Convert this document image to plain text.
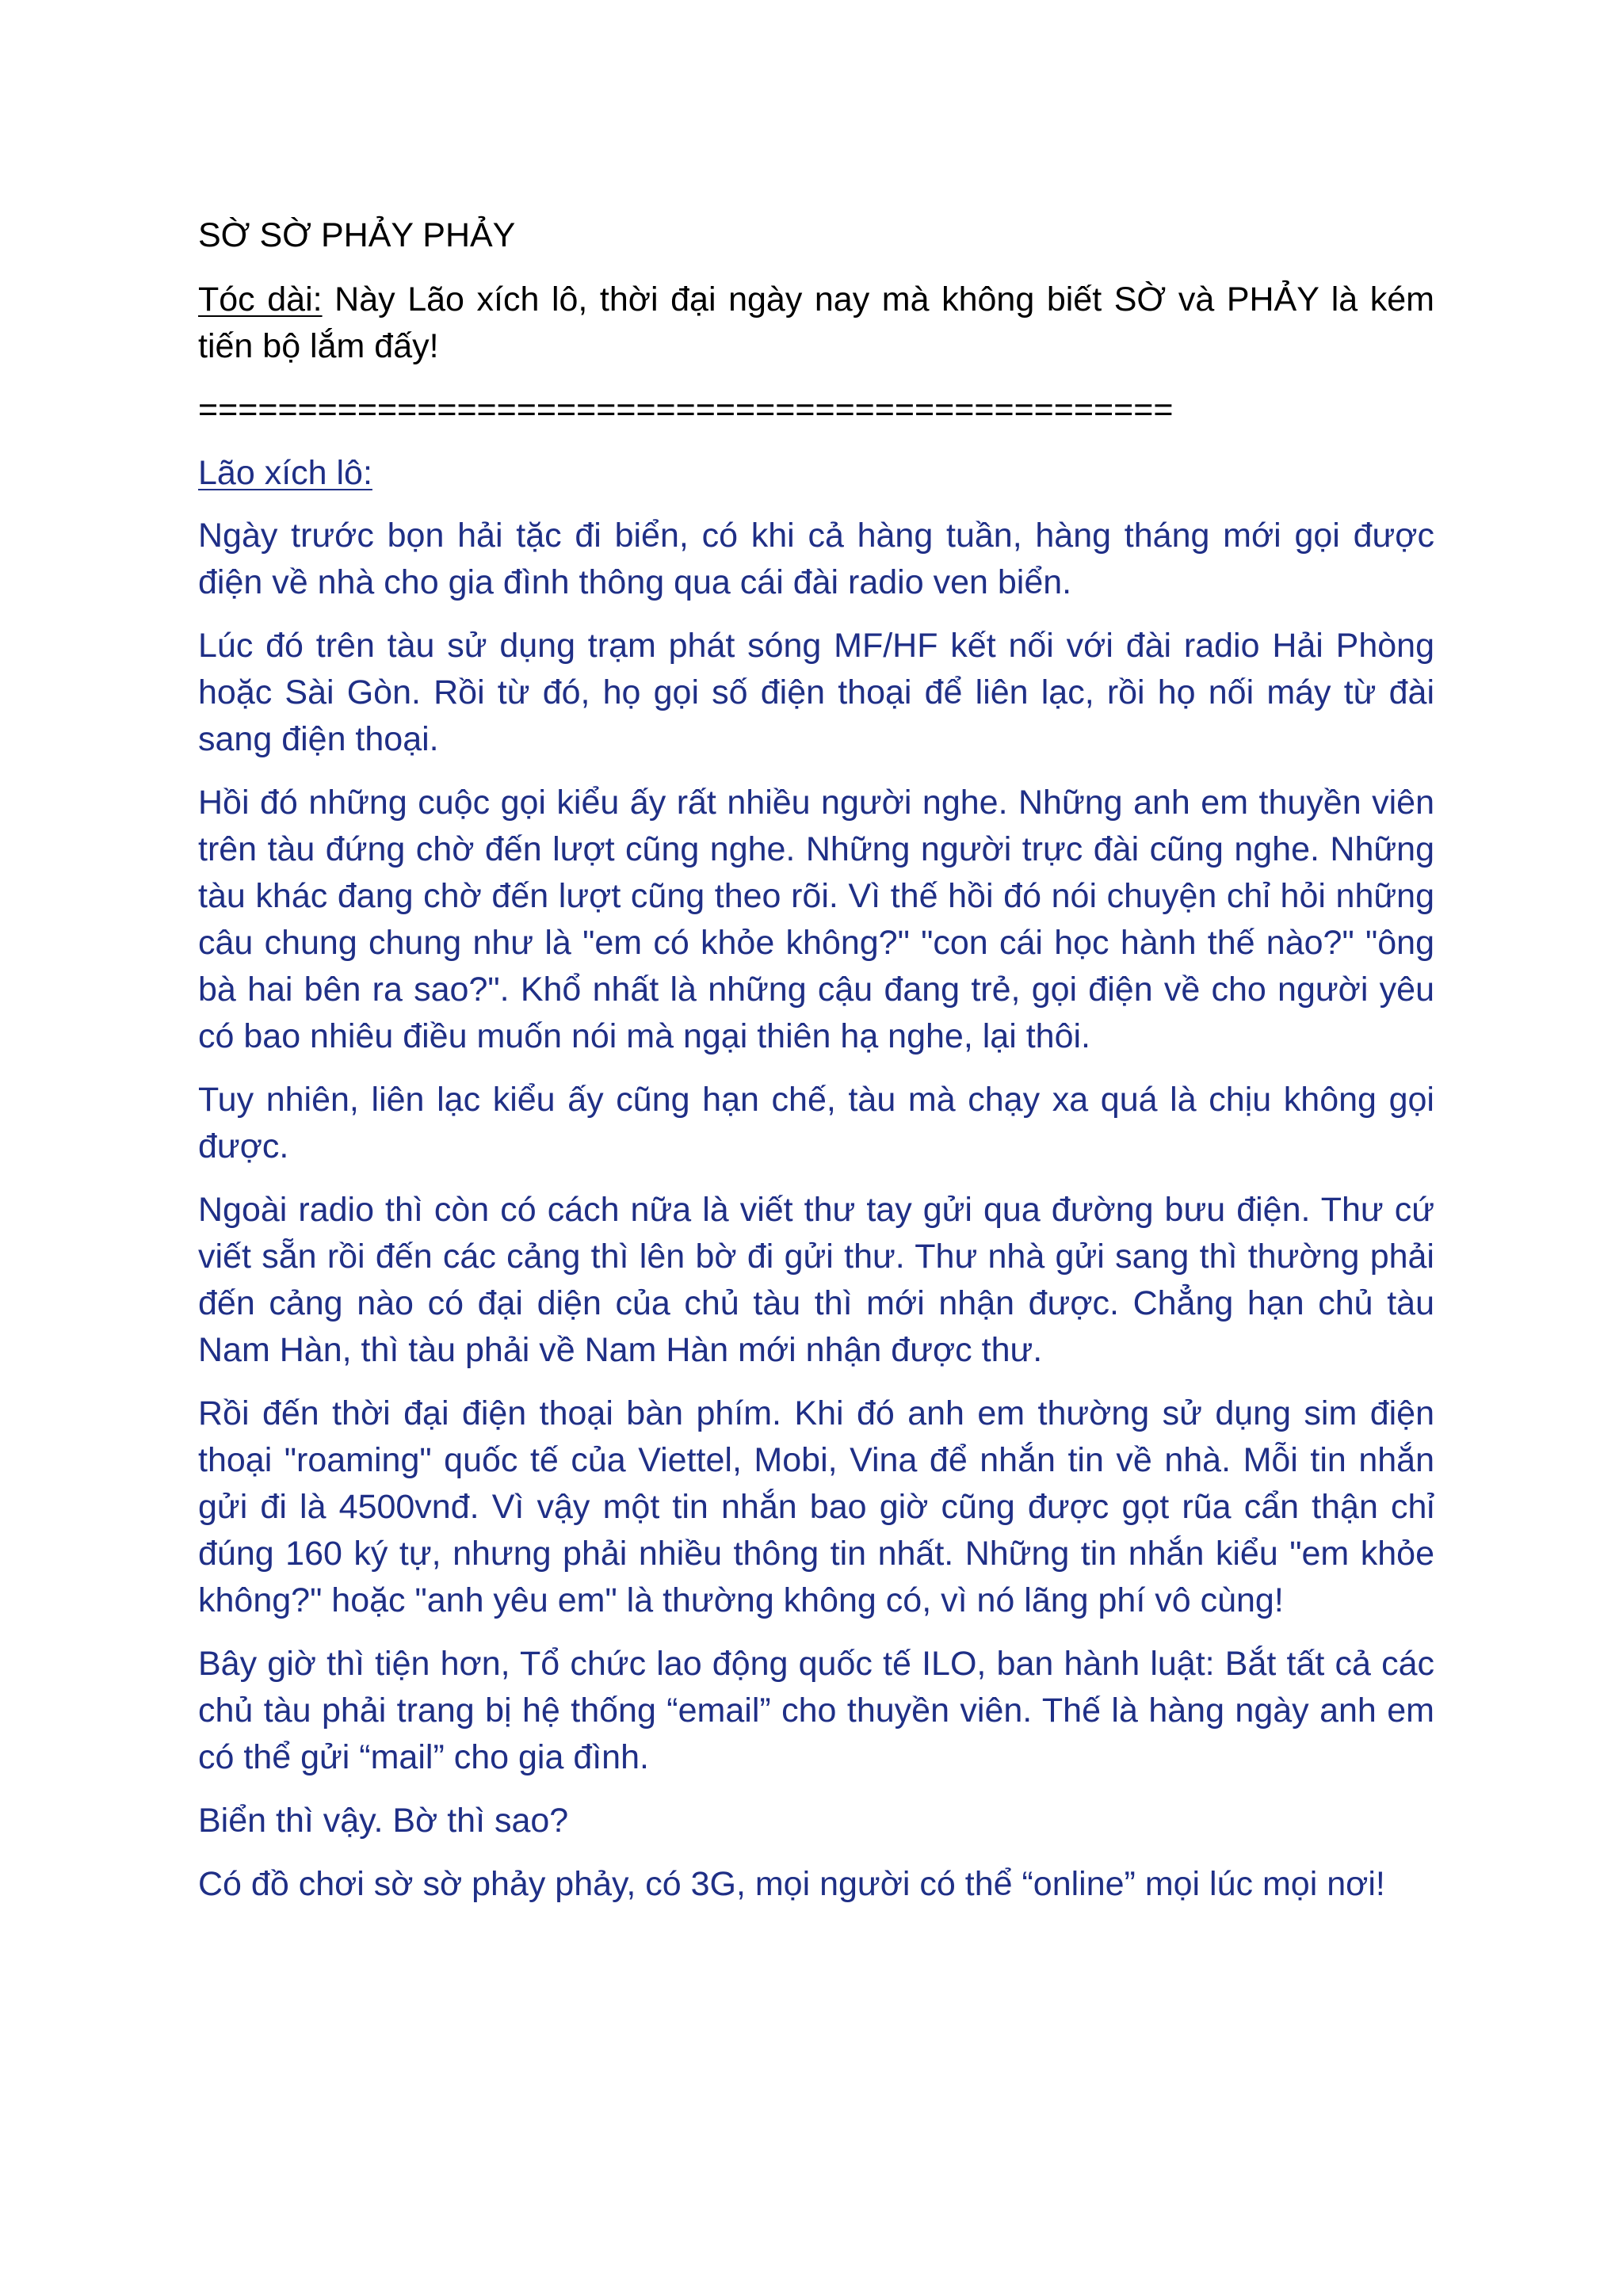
SỜ SỜ PHẢY PHẢY

Tóc dài: Này Lão xích lô, thời đại ngày nay mà không biết SỜ và PHẢY là kém tiến bộ lắm đấy!

=================================================

Lão xích lô:

Ngày trước bọn hải tặc đi biển, có khi cả hàng tuần, hàng tháng mới gọi được điện về nhà cho gia đình thông qua cái đài radio ven biển.

Lúc đó trên tàu sử dụng trạm phát sóng MF/HF kết nối với đài radio Hải Phòng hoặc Sài Gòn. Rồi từ đó, họ gọi số điện thoại để liên lạc, rồi họ nối máy từ đài sang điện thoại.

Hồi đó những cuộc gọi kiểu ấy rất nhiều người nghe. Những anh em thuyền viên trên tàu đứng chờ đến lượt cũng nghe. Những người trực đài cũng nghe. Những tàu khác đang chờ đến lượt cũng theo rõi. Vì thế hồi đó nói chuyện chỉ hỏi những câu chung chung như là "em có khỏe không?" "con cái học hành thế nào?" "ông bà hai bên ra sao?". Khổ nhất là những cậu đang trẻ, gọi điện về cho người yêu có bao nhiêu điều muốn nói mà ngại thiên hạ nghe, lại thôi.

Tuy nhiên, liên lạc kiểu ấy cũng hạn chế, tàu mà chạy xa quá là chịu không gọi được.

Ngoài radio thì còn có cách nữa là viết thư tay gửi qua đường bưu điện. Thư cứ viết sẵn rồi đến các cảng thì lên bờ đi gửi thư. Thư nhà gửi sang thì thường phải đến cảng nào có đại diện của chủ tàu thì mới nhận được. Chẳng hạn chủ tàu Nam Hàn, thì tàu phải về Nam Hàn mới nhận được thư.

Rồi đến thời đại điện thoại bàn phím. Khi đó anh em thường sử dụng sim điện thoại "roaming" quốc tế của Viettel, Mobi, Vina để nhắn tin về nhà. Mỗi tin nhắn gửi đi là 4500vnđ. Vì vậy một tin nhắn bao giờ cũng được gọt rũa cẩn thận chỉ đúng 160 ký tự, nhưng phải nhiều thông tin nhất. Những tin nhắn kiểu "em khỏe không?" hoặc "anh yêu em" là thường không có, vì nó lãng phí vô cùng!

Bây giờ thì tiện hơn, Tổ chức lao động quốc tế ILO, ban hành luật: Bắt tất cả các chủ tàu phải trang bị hệ thống “email” cho thuyền viên. Thế là hàng ngày anh em có thể gửi “mail” cho gia đình.

Biển thì vậy. Bờ thì sao?

Có đồ chơi sờ sờ phảy phảy, có 3G, mọi người có thể “online” mọi lúc mọi nơi!
